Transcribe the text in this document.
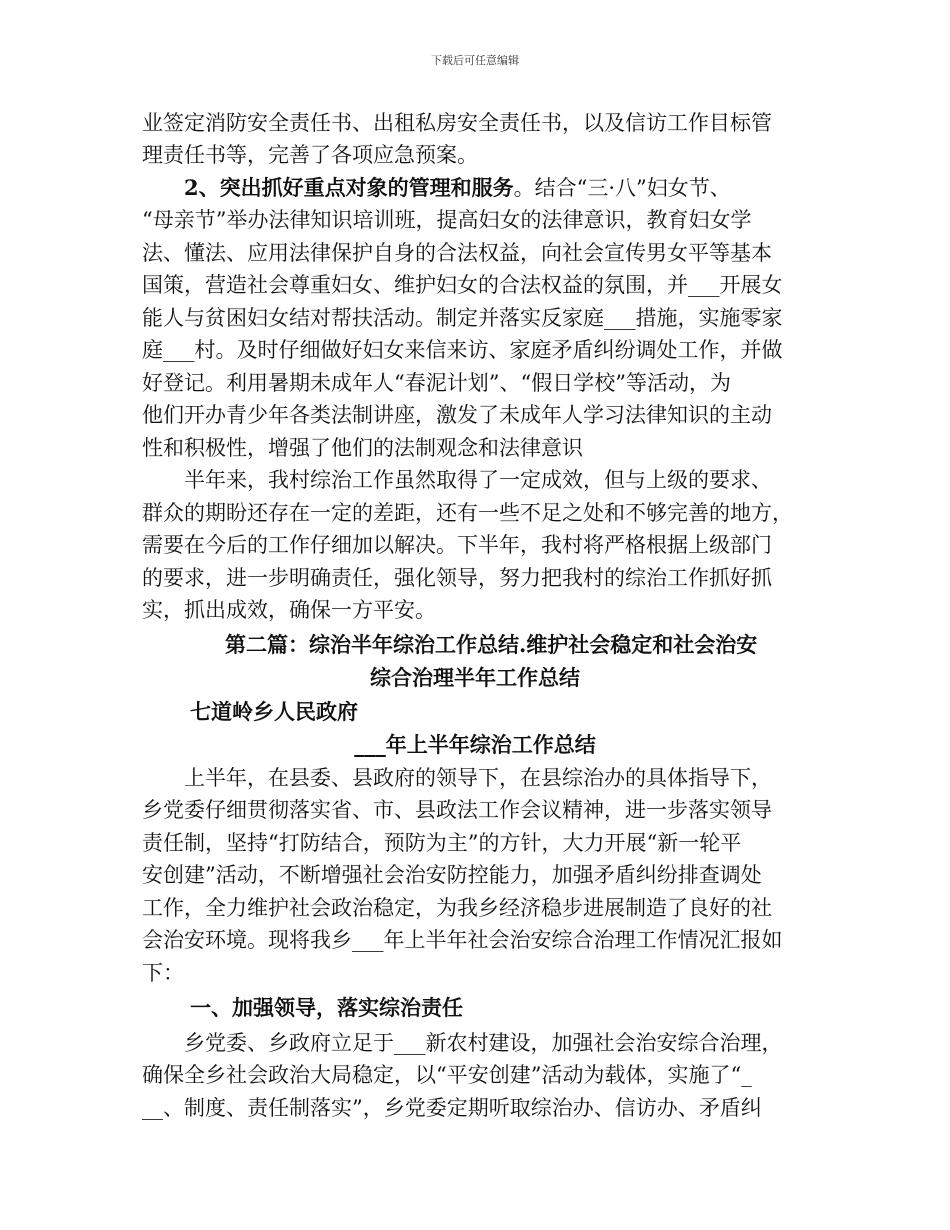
下载后可任意编辑
业签定消防安全责任书、出租私房安全责任书，以及信访工作目标管
理责任书等，完善了各项应急预案。
2、突出抓好重点对象的管理和服务。结合“三·八”妇女节、
“母亲节”举办法律知识培训班，提高妇女的法律意识，教育妇女学
法、懂法、应用法律保护自身的合法权益，向社会宣传男女平等基本
国策，营造社会尊重妇女、维护妇女的合法权益的氛围，并___开展女
能人与贫困妇女结对帮扶活动。制定并落实反家庭___措施，实施零家
庭___村。及时仔细做好妇女来信来访、家庭矛盾纠纷调处工作，并做
好登记。利用暑期未成年人“春泥计划”、“假日学校”等活动，为
他们开办青少年各类法制讲座，激发了未成年人学习法律知识的主动
性和积极性，增强了他们的法制观念和法律意识
半年来，我村综治工作虽然取得了一定成效，但与上级的要求、
群众的期盼还存在一定的差距，还有一些不足之处和不够完善的地方，
需要在今后的工作仔细加以解决。下半年，我村将严格根据上级部门
的要求，进一步明确责任，强化领导，努力把我村的综治工作抓好抓
实，抓出成效，确保一方平安。
第二篇：综治半年综治工作总结.维护社会稳定和社会治安
综合治理半年工作总结
七道岭乡人民政府
___年上半年综治工作总结
上半年，在县委、县政府的领导下，在县综治办的具体指导下，
乡党委仔细贯彻落实省、市、县政法工作会议精神，进一步落实领导
责任制，坚持“打防结合，预防为主”的方针，大力开展“新一轮平
安创建”活动，不断增强社会治安防控能力，加强矛盾纠纷排查调处
工作，全力维护社会政治稳定，为我乡经济稳步进展制造了良好的社
会治安环境。现将我乡___年上半年社会治安综合治理工作情况汇报如
下：
一、加强领导，落实综治责任
乡党委、乡政府立足于___新农村建设，加强社会治安综合治理，
确保全乡社会政治大局稳定，以“平安创建”活动为载体，实施了“_
__、制度、责任制落实”，乡党委定期听取综治办、信访办、矛盾纠
